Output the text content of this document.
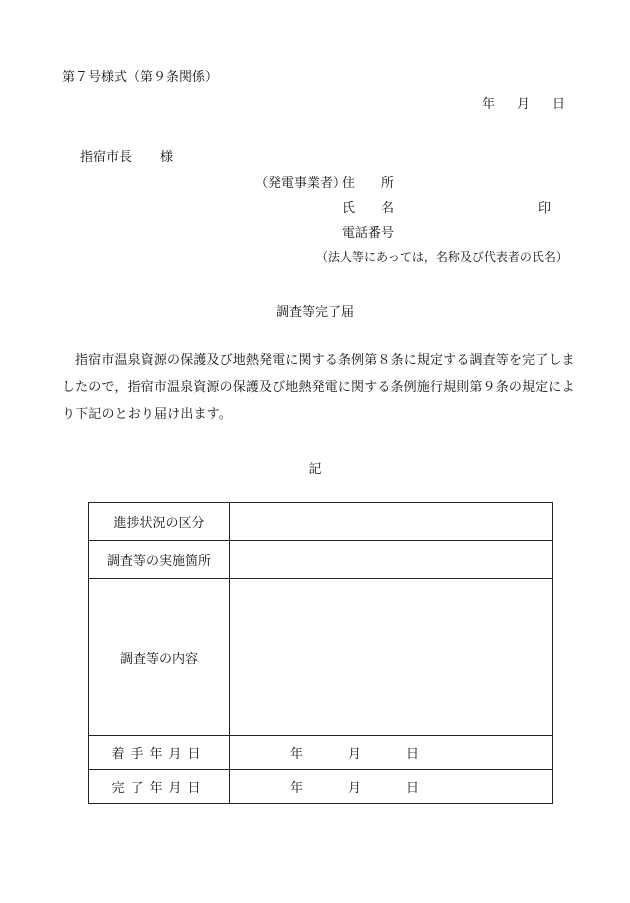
第７号様式（第９条関係）
年 月 日
指宿市長 様
（発電事業者）
住　　所
氏　　名	印
電話番号
（法人等にあっては，名称及び代表者の氏名）
調査等完了届
指宿市温泉資源の保護及び地熱発電に関する条例第８条に規定する調査等を完了しましたので，指宿市温泉資源の保護及び地熱発電に関する条例施行規則第９条の規定により下記のとおり届け出ます。
記
進捗状況の区分	
調査等の実施箇所	
調査等の内容	
着手年月日	年 月 日

完了年月日	年 月 日
